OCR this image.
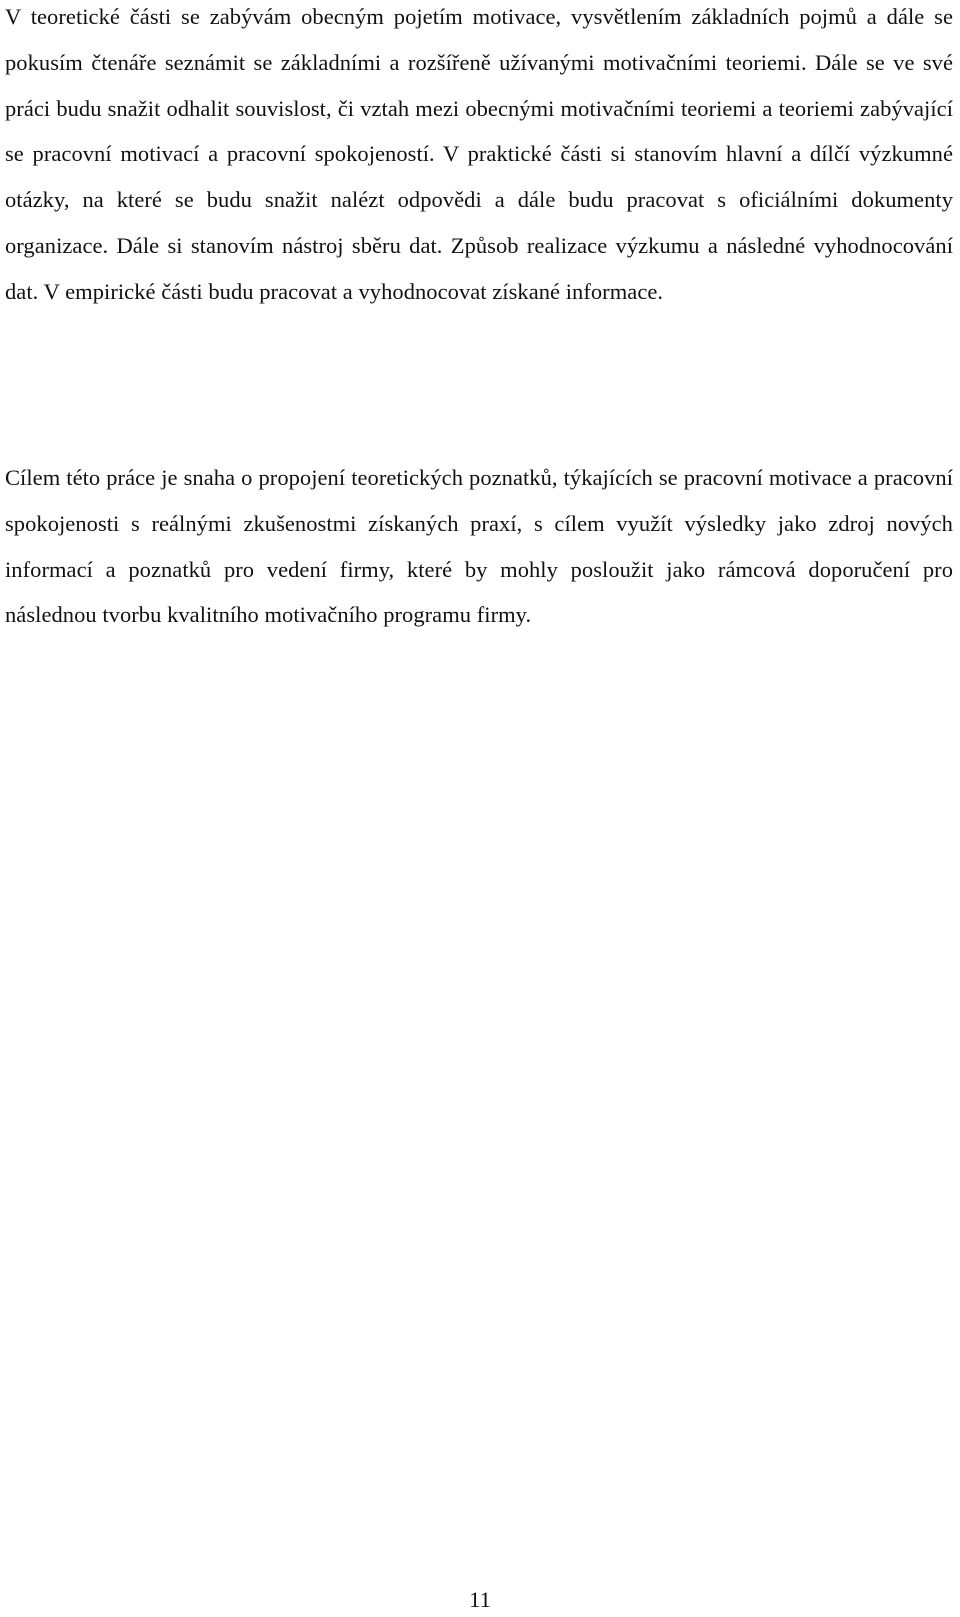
V teoretické části se zabývám obecným pojetím motivace, vysvětlením základních pojmů a dále se pokusím čtenáře seznámit se základními a rozšířeně užívanými motivačními teoriemi. Dále se ve své práci budu snažit odhalit souvislost, či vztah mezi obecnými motivačními teoriemi a teoriemi zabývající se pracovní motivací a pracovní spokojeností. V praktické části si stanovím hlavní a dílčí výzkumné otázky, na které se budu snažit nalézt odpovědi a dále budu pracovat s oficiálními dokumenty organizace. Dále si stanovím nástroj sběru dat. Způsob realizace výzkumu a následné vyhodnocování dat. V empirické části budu pracovat a vyhodnocovat získané informace.

Cílem této práce je snaha o propojení teoretických poznatků, týkajících se pracovní motivace a pracovní spokojenosti s reálnými zkušenostmi získaných praxí, s cílem využít výsledky jako zdroj nových informací a poznatků pro vedení firmy, které by mohly posloužit jako rámcová doporučení pro následnou tvorbu kvalitního motivačního programu firmy.

11
